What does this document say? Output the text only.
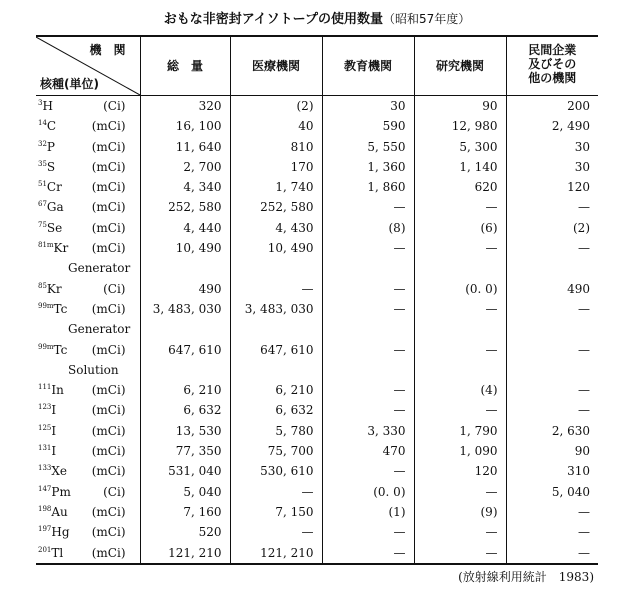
おもな非密封アイソトープの使用数量（昭和57年度）
機　関
核種(単位)	総　量	医療機関	教育機関	研究機関	民間企業
及びその
他の機関
$^3$H (Ci)	320	(2)	30	90	200
$^{14}$C (mCi)	16, 100	40	590	12, 980	2, 490
$^{32}$P (mCi)	11, 640	810	5, 550	5, 300	30
$^{35}$S (mCi)	2, 700	170	1, 360	1, 140	30
$^{51}$Cr (mCi)	4, 340	1, 740	1, 860	620	120
$^{67}$Ga (mCi)	252, 580	252, 580	—	—	—
$^{75}$Se (mCi)	4, 440	4, 430	(8)	(6)	(2)
$^{81m}$Kr (mCi)	10, 490	10, 490	—	—	—
Generator					
$^{85}$Kr (Ci)	490	—	—	(0. 0)	490
$^{99m}$Tc (mCi)	3, 483, 030	3, 483, 030	—	—	—
Generator					
$^{99m}$Tc (mCi)	647, 610	647, 610	—	—	—
Solution					
$^{111}$In (mCi)	6, 210	6, 210	—	(4)	—
$^{123}$I (mCi)	6, 632	6, 632	—	—	—
$^{125}$I (mCi)	13, 530	5, 780	3, 330	1, 790	2, 630
$^{131}$I (mCi)	77, 350	75, 700	470	1, 090	90
$^{133}$Xe (mCi)	531, 040	530, 610	—	120	310
$^{147}$Pm (Ci)	5, 040	—	(0. 0)	—	5, 040
$^{198}$Au (mCi)	7, 160	7, 150	(1)	(9)	—
$^{197}$Hg (mCi)	520	—	—	—	—
$^{201}$Tl (mCi)	121, 210	121, 210	—	—	—
(放射線利用統計　1983)
